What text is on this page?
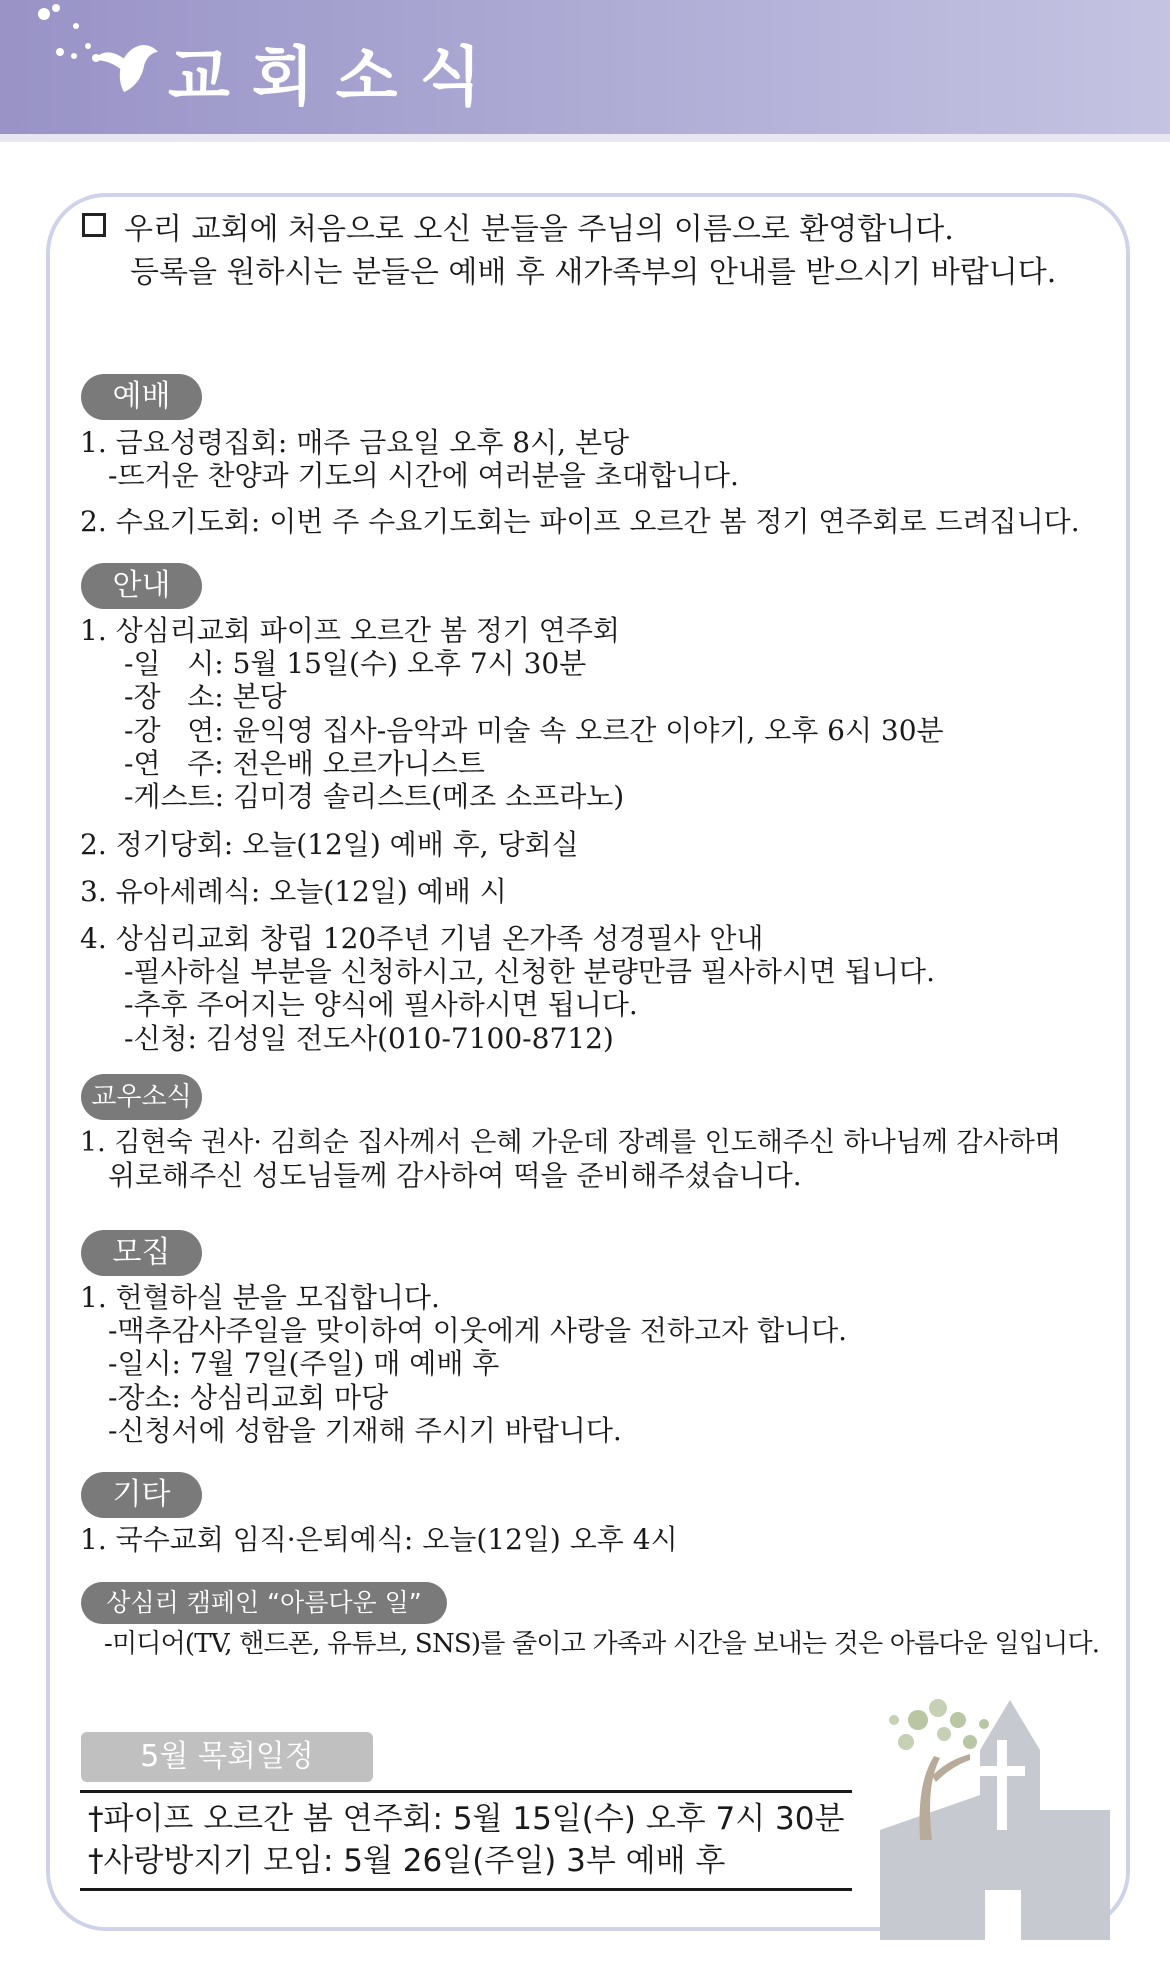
교회소식
우리 교회에 처음으로 오신 분들을 주님의 이름으로 환영합니다.
등록을 원하시는 분들은 예배 후 새가족부의 안내를 받으시기 바랍니다.
예배
1. 금요성령집회: 매주 금요일 오후 8시, 본당
-뜨거운 찬양과 기도의 시간에 여러분을 초대합니다.
2. 수요기도회: 이번 주 수요기도회는 파이프 오르간 봄 정기 연주회로 드려집니다.
안내
1. 상심리교회 파이프 오르간 봄 정기 연주회
-일   시: 5월 15일(수) 오후 7시 30분
-장   소: 본당
-강   연: 윤익영 집사-음악과 미술 속 오르간 이야기, 오후 6시 30분
-연   주: 전은배 오르가니스트
-게스트: 김미경 솔리스트(메조 소프라노)
2. 정기당회: 오늘(12일) 예배 후, 당회실
3. 유아세례식: 오늘(12일) 예배 시
4. 상심리교회 창립 120주년 기념 온가족 성경필사 안내
-필사하실 부분을 신청하시고, 신청한 분량만큼 필사하시면 됩니다.
-추후 주어지는 양식에 필사하시면 됩니다.
-신청: 김성일 전도사(010-7100-8712)
교우소식
1. 김현숙 권사· 김희순 집사께서 은혜 가운데 장례를 인도해주신 하나님께 감사하며
위로해주신 성도님들께 감사하여 떡을 준비해주셨습니다.
모집
1. 헌혈하실 분을 모집합니다.
-맥추감사주일을 맞이하여 이웃에게 사랑을 전하고자 합니다.
-일시: 7월 7일(주일) 매 예배 후
-장소: 상심리교회 마당
-신청서에 성함을 기재해 주시기 바랍니다.
기타
1. 국수교회 임직·은퇴예식: 오늘(12일) 오후 4시
상심리 캠페인 “아름다운 일”
-미디어(TV, 핸드폰, 유튜브, SNS)를 줄이고 가족과 시간을 보내는 것은 아름다운 일입니다.
5월 목회일정
†파이프 오르간 봄 연주회: 5월 15일(수) 오후 7시 30분
†사랑방지기 모임: 5월 26일(주일) 3부 예배 후
